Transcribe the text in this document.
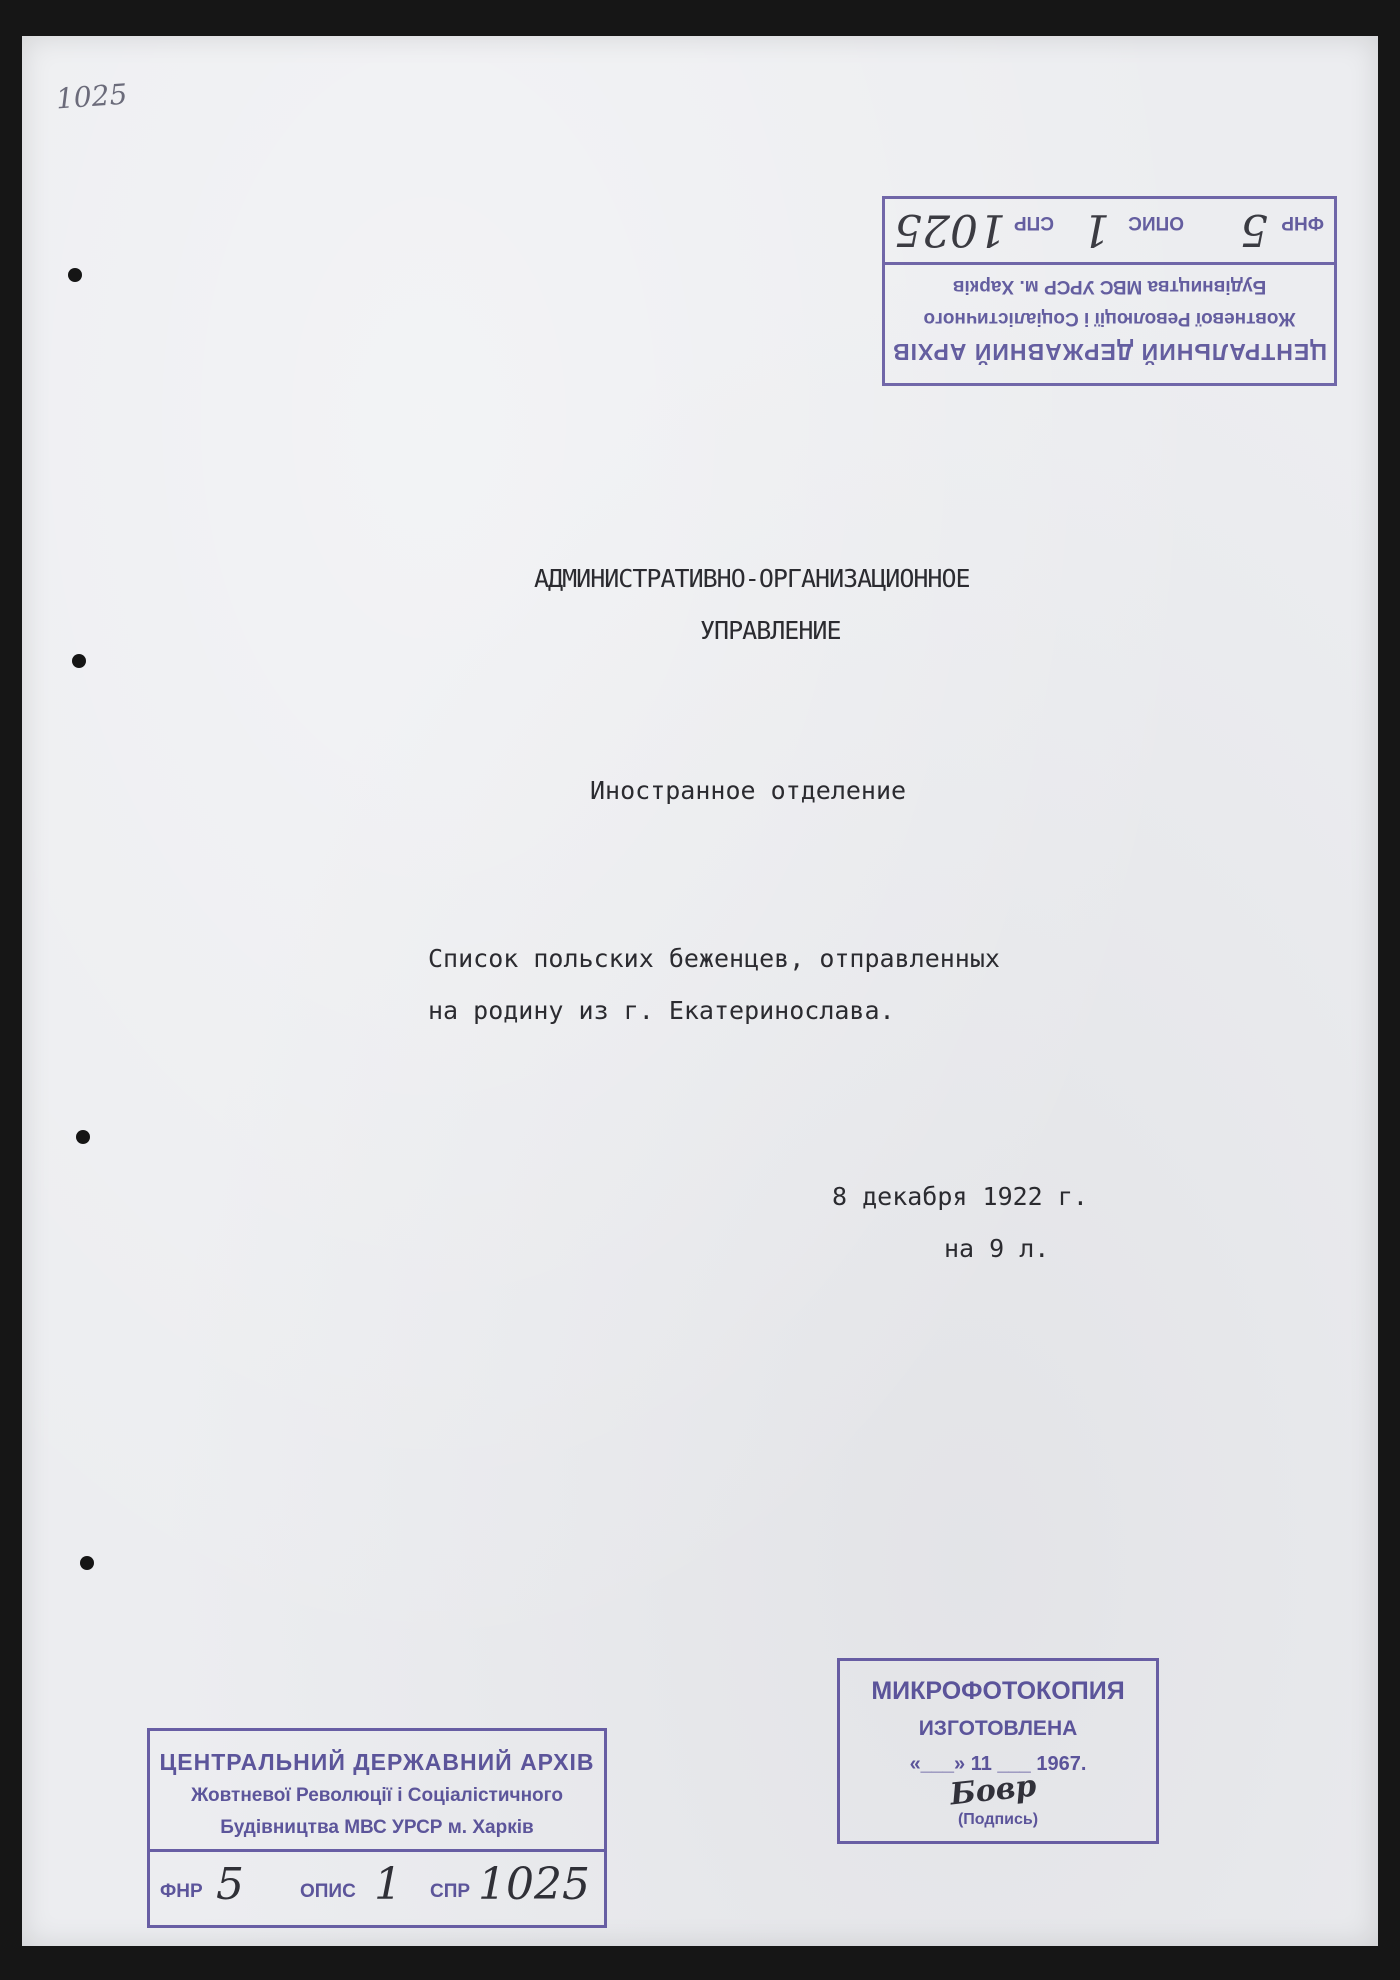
1025
ЦЕНТРАЛЬНИЙ ДЕРЖАВНИЙ АРХІВ
Жовтневої Революції і Соціалістичного
Будівництва МВС УРСР м. Харків
ФНР
5
ОПИС
1
СПР
1025
АДМИНИСТРАТИВНО-ОРГАНИЗАЦИОННОЕ
УПРАВЛЕНИЕ
Иностранное отделение
Список польских беженцев, отправленных
на родину из г. Екатеринослава.
8 декабря 1922 г.
на 9 л.
МИКРОФОТОКОПИЯ
ИЗГОТОВЛЕНА
«___» 11 ___ 1967.
Бовр
(Подпись)
ЦЕНТРАЛЬНИЙ ДЕРЖАВНИЙ АРХІВ
Жовтневої Революції і Соціалістичного
Будівництва МВС УРСР м. Харків
ФНР 5	ОПИС 1 СПР 1025
